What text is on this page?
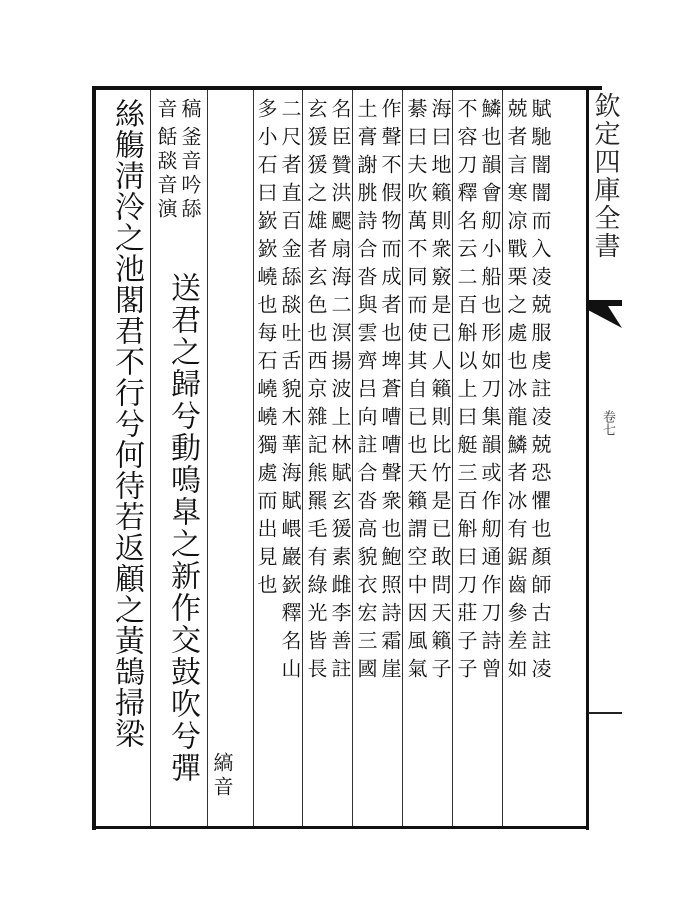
欽定四庫全書
卷七
賦馳闇闇而入凌兢服虔註凌兢恐懼也顏師古註凌
兢者言寒凉戰栗之處也冰龍鱗者冰有鋸齒參差如
鱗也韻會舠小船也形如刀集韻或作舠通作刀詩曾
不容刀釋名云二百斛以上曰艇三百斛曰刀莊子子
海曰地籟則衆竅是已人籟則比竹是已敢問天籟子
綦曰夫吹萬不同而使其自已也天籟謂空中因風氣
作聲不假物而成者也埤蒼嘈嘈聲衆也鮑照詩霜崖
土膏謝朓詩合沓與雲齊吕向註合沓高貌衣宏三國
名臣贊洪颸扇海二溟揚波上林賦玄猨素雌李善註
玄猨猨之雄者玄色也西京雜記熊羆毛有綠光皆長
二尺者直百金舔舕吐舌貌木華海賦㟪巖嶔釋名山
多小石曰嶔嶔嶢也每石嶢嶢獨處而出見也
縞音
稿
音
釜音吟舔
餂舕音演
送君之歸兮動鳴臯之新作交鼓吹兮彈
絲觴淸泠之池閣君不行兮何待若返顧之黃鵠掃梁
